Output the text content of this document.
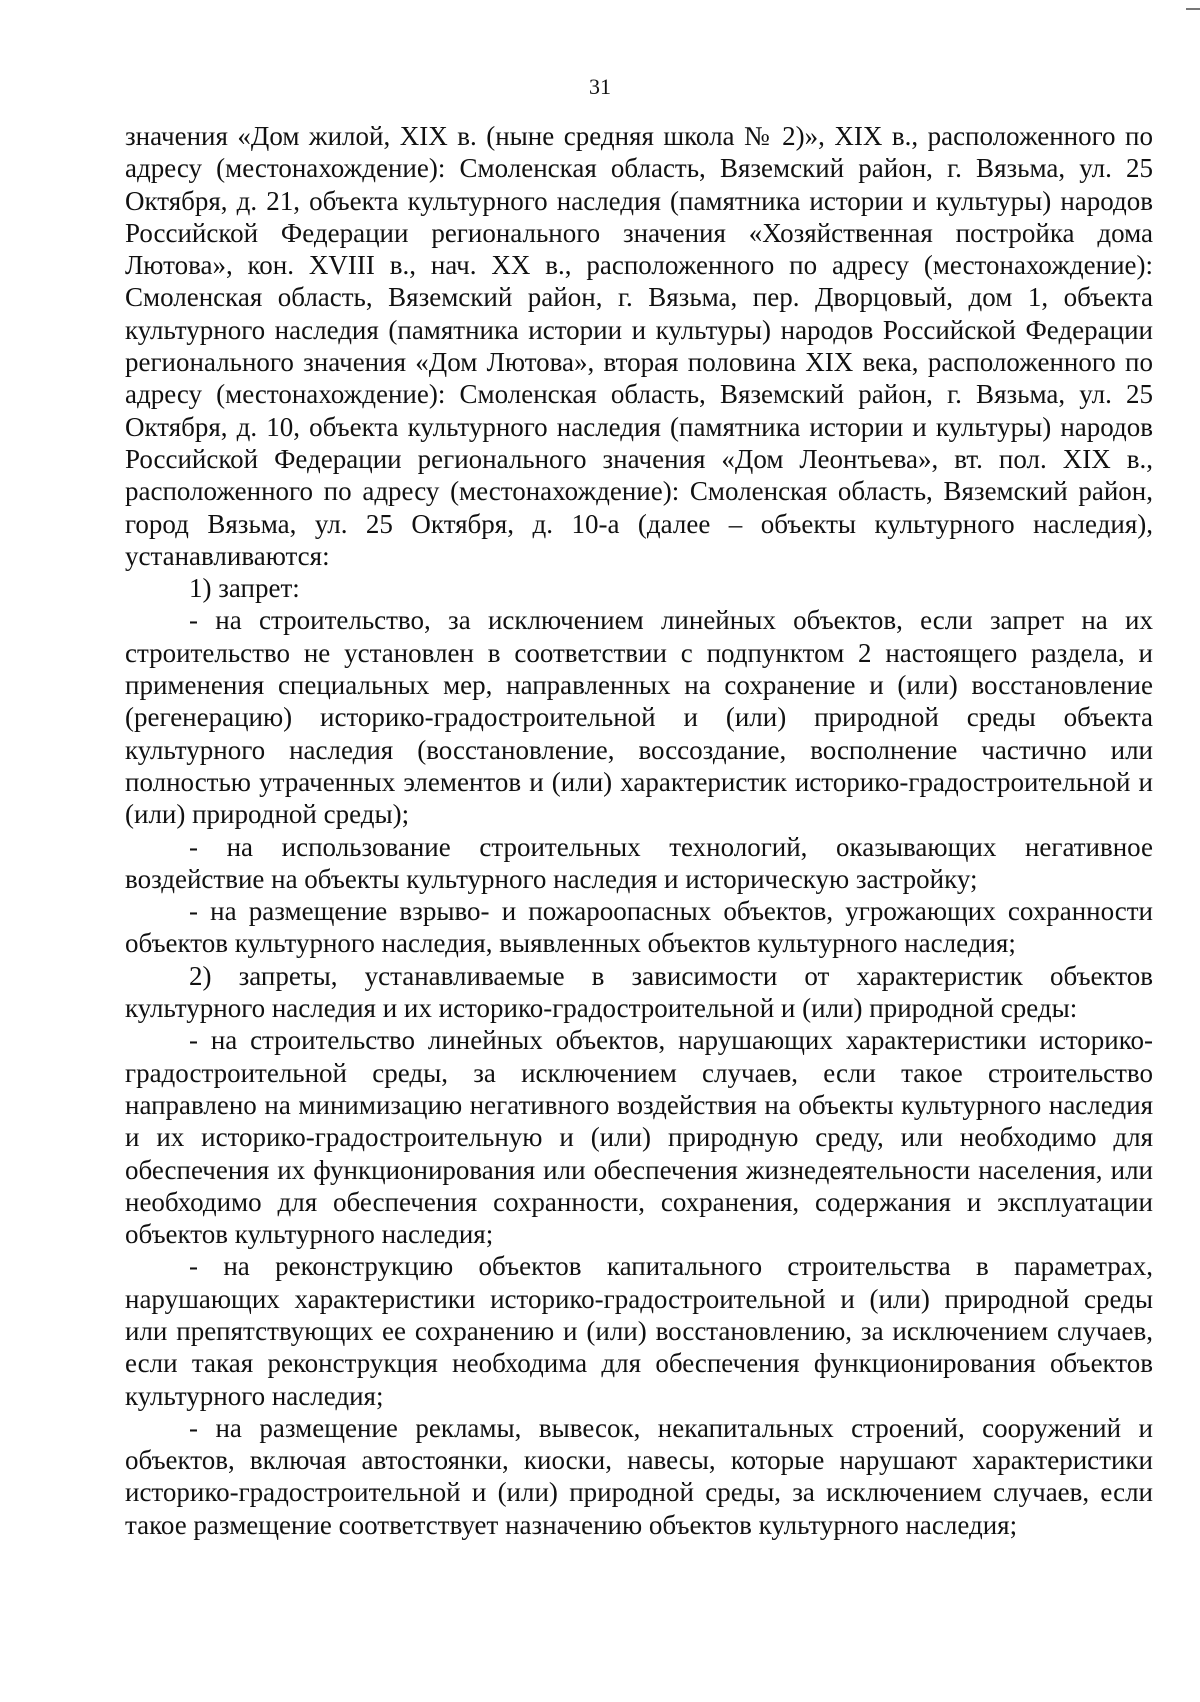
31

значения «Дом жилой, XIX в. (ныне средняя школа № 2)», XIX в., расположенного по адресу (местонахождение): Смоленская область, Вяземский район, г. Вязьма, ул. 25 Октября, д. 21, объекта культурного наследия (памятника истории и культуры) народов Российской Федерации регионального значения «Хозяйственная постройка дома Лютова», кон. XVIII в., нач. XX в., расположенного по адресу (местонахождение): Смоленская область, Вяземский район, г. Вязьма, пер. Дворцовый, дом 1, объекта культурного наследия (памятника истории и культуры) народов Российской Федерации регионального значения «Дом Лютова», вторая половина XIX века, расположенного по адресу (местонахождение): Смоленская область, Вяземский район, г. Вязьма, ул. 25 Октября, д. 10, объекта культурного наследия (памятника истории и культуры) народов Российской Федерации регионального значения «Дом Леонтьева», вт. пол. XIX в., расположенного по адресу (местонахождение): Смоленская область, Вяземский район, город Вязьма, ул. 25 Октября, д. 10-а (далее – объекты культурного наследия), устанавливаются:

1) запрет:

- на строительство, за исключением линейных объектов, если запрет на их строительство не установлен в соответствии с подпунктом 2 настоящего раздела, и применения специальных мер, направленных на сохранение и (или) восстановление (регенерацию) историко-градостроительной и (или) природной среды объекта культурного наследия (восстановление, воссоздание, восполнение частично или полностью утраченных элементов и (или) характеристик историко-градостроительной и (или) природной среды);

- на использование строительных технологий, оказывающих негативное воздействие на объекты культурного наследия и историческую застройку;

- на размещение взрыво- и пожароопасных объектов, угрожающих сохранности объектов культурного наследия, выявленных объектов культурного наследия;

2) запреты, устанавливаемые в зависимости от характеристик объектов культурного наследия и их историко-градостроительной и (или) природной среды:

- на строительство линейных объектов, нарушающих характеристики историко-градостроительной среды, за исключением случаев, если такое строительство направлено на минимизацию негативного воздействия на объекты культурного наследия и их историко-градостроительную и (или) природную среду, или необходимо для обеспечения их функционирования или обеспечения жизнедеятельности населения, или необходимо для обеспечения сохранности, сохранения, содержания и эксплуатации объектов культурного наследия;

- на реконструкцию объектов капитального строительства в параметрах, нарушающих характеристики историко-градостроительной и (или) природной среды или препятствующих ее сохранению и (или) восстановлению, за исключением случаев, если такая реконструкция необходима для обеспечения функционирования объектов культурного наследия;

- на размещение рекламы, вывесок, некапитальных строений, сооружений и объектов, включая автостоянки, киоски, навесы, которые нарушают характеристики историко-градостроительной и (или) природной среды, за исключением случаев, если такое размещение соответствует назначению объектов культурного наследия;
